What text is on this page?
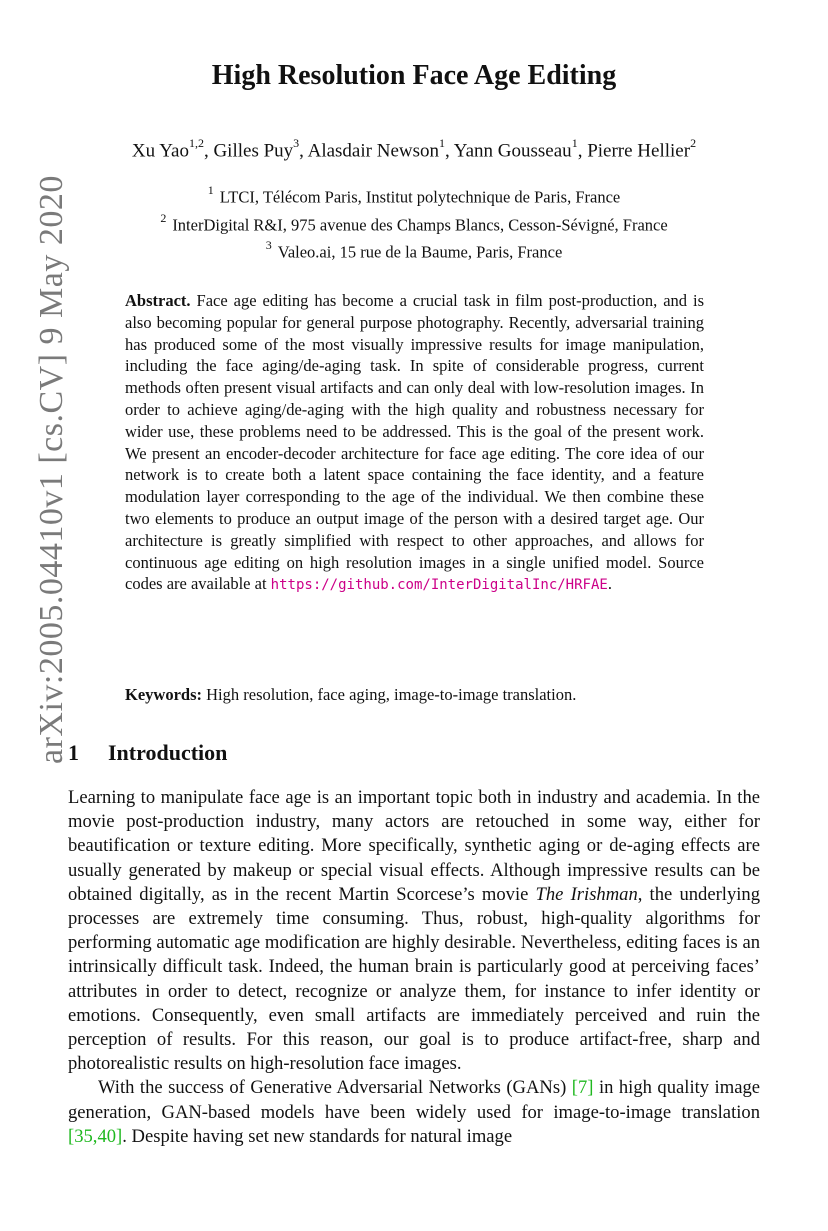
arXiv:2005.04410v1 [cs.CV] 9 May 2020
High Resolution Face Age Editing
Xu Yao$^{1,2}$, Gilles Puy$^3$, Alasdair Newson$^1$, Yann Gousseau$^1$, Pierre Hellier$^2$
$^1$ LTCI, Télécom Paris, Institut polytechnique de Paris, France
$^2$ InterDigital R&I, 975 avenue des Champs Blancs, Cesson-Sévigné, France
$^3$ Valeo.ai, 15 rue de la Baume, Paris, France
Abstract. Face age editing has become a crucial task in film post-production, and is also becoming popular for general purpose photography. Recently, adversarial training has produced some of the most visually impressive results for image manipulation, including the face aging/de-aging task. In spite of considerable progress, current methods often present visual artifacts and can only deal with low-resolution images. In order to achieve aging/de-aging with the high quality and robustness necessary for wider use, these problems need to be addressed. This is the goal of the present work. We present an encoder-decoder architecture for face age editing. The core idea of our network is to create both a latent space containing the face identity, and a feature modulation layer corresponding to the age of the individual. We then combine these two elements to produce an output image of the person with a desired target age. Our architecture is greatly simplified with respect to other approaches, and allows for continuous age editing on high resolution images in a single unified model. Source codes are available at https://github.com/InterDigitalInc/HRFAE.
Keywords: High resolution, face aging, image-to-image translation.
1 Introduction

Learning to manipulate face age is an important topic both in industry and academia. In the movie post-production industry, many actors are retouched in some way, either for beautification or texture editing. More specifically, synthetic aging or de-aging effects are usually generated by makeup or special visual effects. Although impressive results can be obtained digitally, as in the recent Martin Scorcese’s movie The Irishman, the underlying processes are extremely time consuming. Thus, robust, high-quality algorithms for performing automatic age modification are highly desirable. Nevertheless, editing faces is an intrinsically difficult task. Indeed, the human brain is particularly good at perceiving faces’ attributes in order to detect, recognize or analyze them, for instance to infer identity or emotions. Consequently, even small artifacts are immediately perceived and ruin the perception of results. For this reason, our goal is to produce artifact-free, sharp and photorealistic results on high-resolution face images.

With the success of Generative Adversarial Networks (GANs) [7] in high quality image generation, GAN-based models have been widely used for image-to-image translation [35,40]. Despite having set new standards for natural image
